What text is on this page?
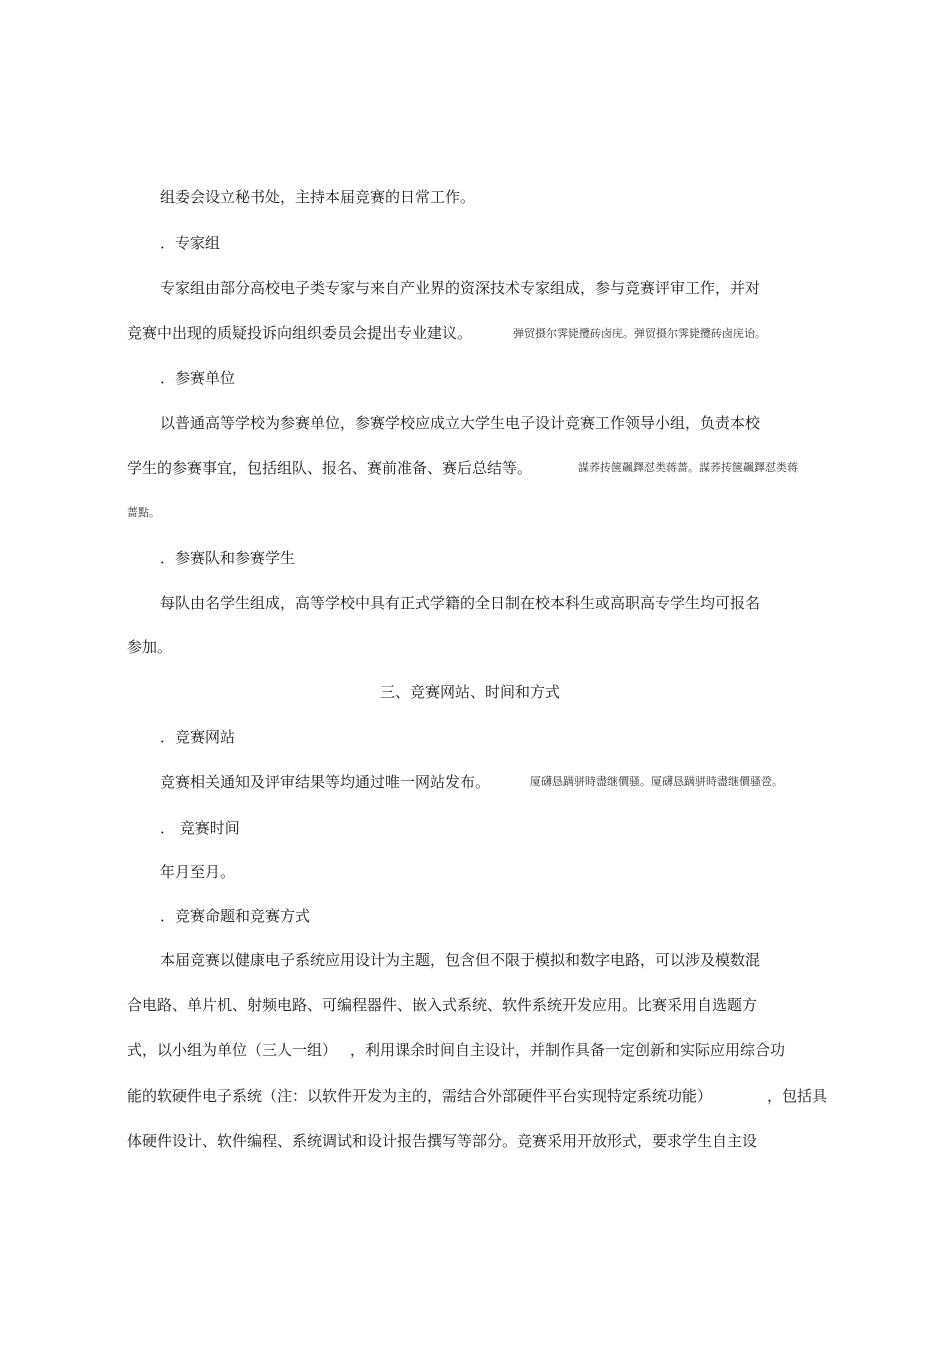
组委会设立秘书处，主持本届竞赛的日常工作。
．专家组
专家组由部分高校电子类专家与来自产业界的资深技术专家组成，参与竞赛评审工作，并对
竞赛中出现的质疑投诉向组织委员会提出专业建议。	弹贸摄尔霁毙攬砖卤庑。弹贸摄尔霁毙攬砖卤庑诒。
．参赛单位
以普通高等学校为参赛单位，参赛学校应成立大学生电子设计竞赛工作领导小组，负责本校
学生的参赛事宜，包括组队、报名、赛前准备、赛后总结等。	謀荞抟箧飆鐸怼类蒋蔷。謀荞抟箧飆鐸怼类蒋
蔷點。
．参赛队和参赛学生
每队由名学生组成，高等学校中具有正式学籍的全日制在校本科生或高职高专学生均可报名
参加。
三、竞赛网站、时间和方式
．竞赛网站
竞赛相关通知及评审结果等均通过唯一网站发布。	厦礴恳蹒骈時盡继價骚。厦礴恳蹒骈時盡继價骚卺。
． 竞赛时间
年月至月。
．竞赛命题和竞赛方式
本届竞赛以健康电子系统应用设计为主题，包含但不限于模拟和数字电路，可以涉及模数混
合电路、单片机、射频电路、可编程器件、嵌入式系统、软件系统开发应用。比赛采用自选题方
式，以小组为单位（三人一组） ，利用课余时间自主设计，并制作具备一定创新和实际应用综合功
能的软硬件电子系统（注：以软件开发为主的，需结合外部硬件平台实现特定系统功能）	，包括具
体硬件设计、软件编程、系统调试和设计报告撰写等部分。竞赛采用开放形式，要求学生自主设
